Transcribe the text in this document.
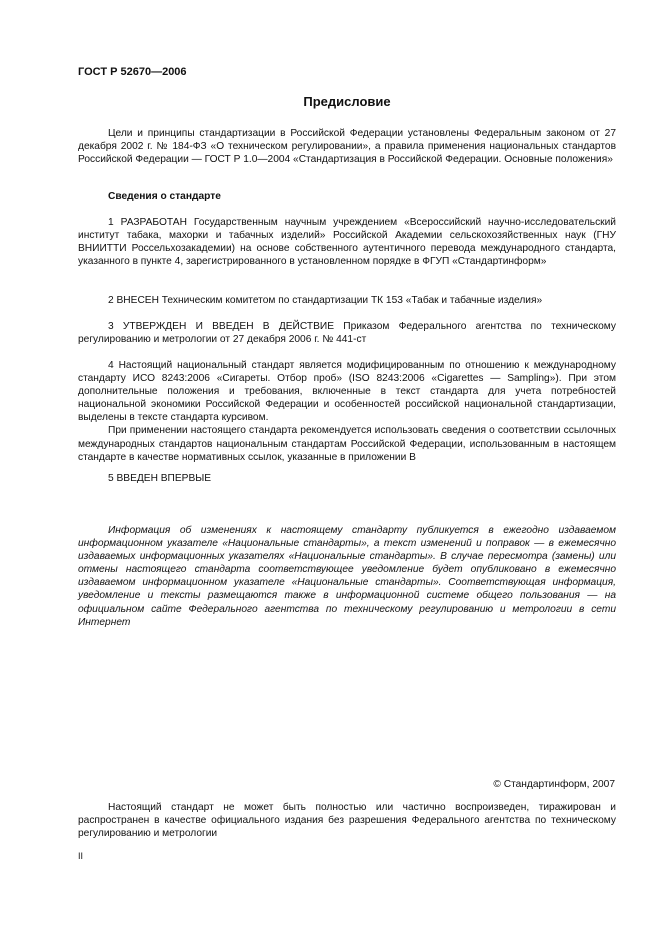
ГОСТ Р 52670—2006
Предисловие

Цели и принципы стандартизации в Российской Федерации установлены Федеральным законом от 27 декабря 2002 г. № 184-ФЗ «О техническом регулировании», а правила применения национальных стандартов Российской Федерации — ГОСТ Р 1.0—2004 «Стандартизация в Российской Федерации. Основные положения»

Сведения о стандарте

1 РАЗРАБОТАН Государственным научным учреждением «Всероссийский научно-исследовательский институт табака, махорки и табачных изделий» Российской Академии сельскохозяйственных наук (ГНУ ВНИИТТИ Россельхозакадемии) на основе собственного аутентичного перевода международного стандарта, указанного в пункте 4, зарегистрированного в установленном порядке в ФГУП «Стандартинформ»

2 ВНЕСЕН Техническим комитетом по стандартизации ТК 153 «Табак и табачные изделия»

3 УТВЕРЖДЕН И ВВЕДЕН В ДЕЙСТВИЕ Приказом Федерального агентства по техническому регулированию и метрологии от 27 декабря 2006 г. № 441-ст

4 Настоящий национальный стандарт является модифицированным по отношению к международному стандарту ИСО 8243:2006 «Сигареты. Отбор проб» (ISO 8243:2006 «Cigarettes — Sampling»). При этом дополнительные положения и требования, включенные в текст стандарта для учета потребностей национальной экономики Российской Федерации и особенностей российской национальной стандартизации, выделены в тексте стандарта курсивом.

При применении настоящего стандарта рекомендуется использовать сведения о соответствии ссылочных международных стандартов национальным стандартам Российской Федерации, использованным в настоящем стандарте в качестве нормативных ссылок, указанные в приложении В

5 ВВЕДЕН ВПЕРВЫЕ

Информация об изменениях к настоящему стандарту публикуется в ежегодно издаваемом информационном указателе «Национальные стандарты», а текст изменений и поправок — в ежемесячно издаваемых информационных указателях «Национальные стандарты». В случае пересмотра (замены) или отмены настоящего стандарта соответствующее уведомление будет опубликовано в ежемесячно издаваемом информационном указателе «Национальные стандарты». Соответствующая информация, уведомление и тексты размещаются также в информационной системе общего пользования — на официальном сайте Федерального агентства по техническому регулированию и метрологии в сети Интернет

© Стандартинформ, 2007

Настоящий стандарт не может быть полностью или частично воспроизведен, тиражирован и распространен в качестве официального издания без разрешения Федерального агентства по техническому регулированию и метрологии

II
